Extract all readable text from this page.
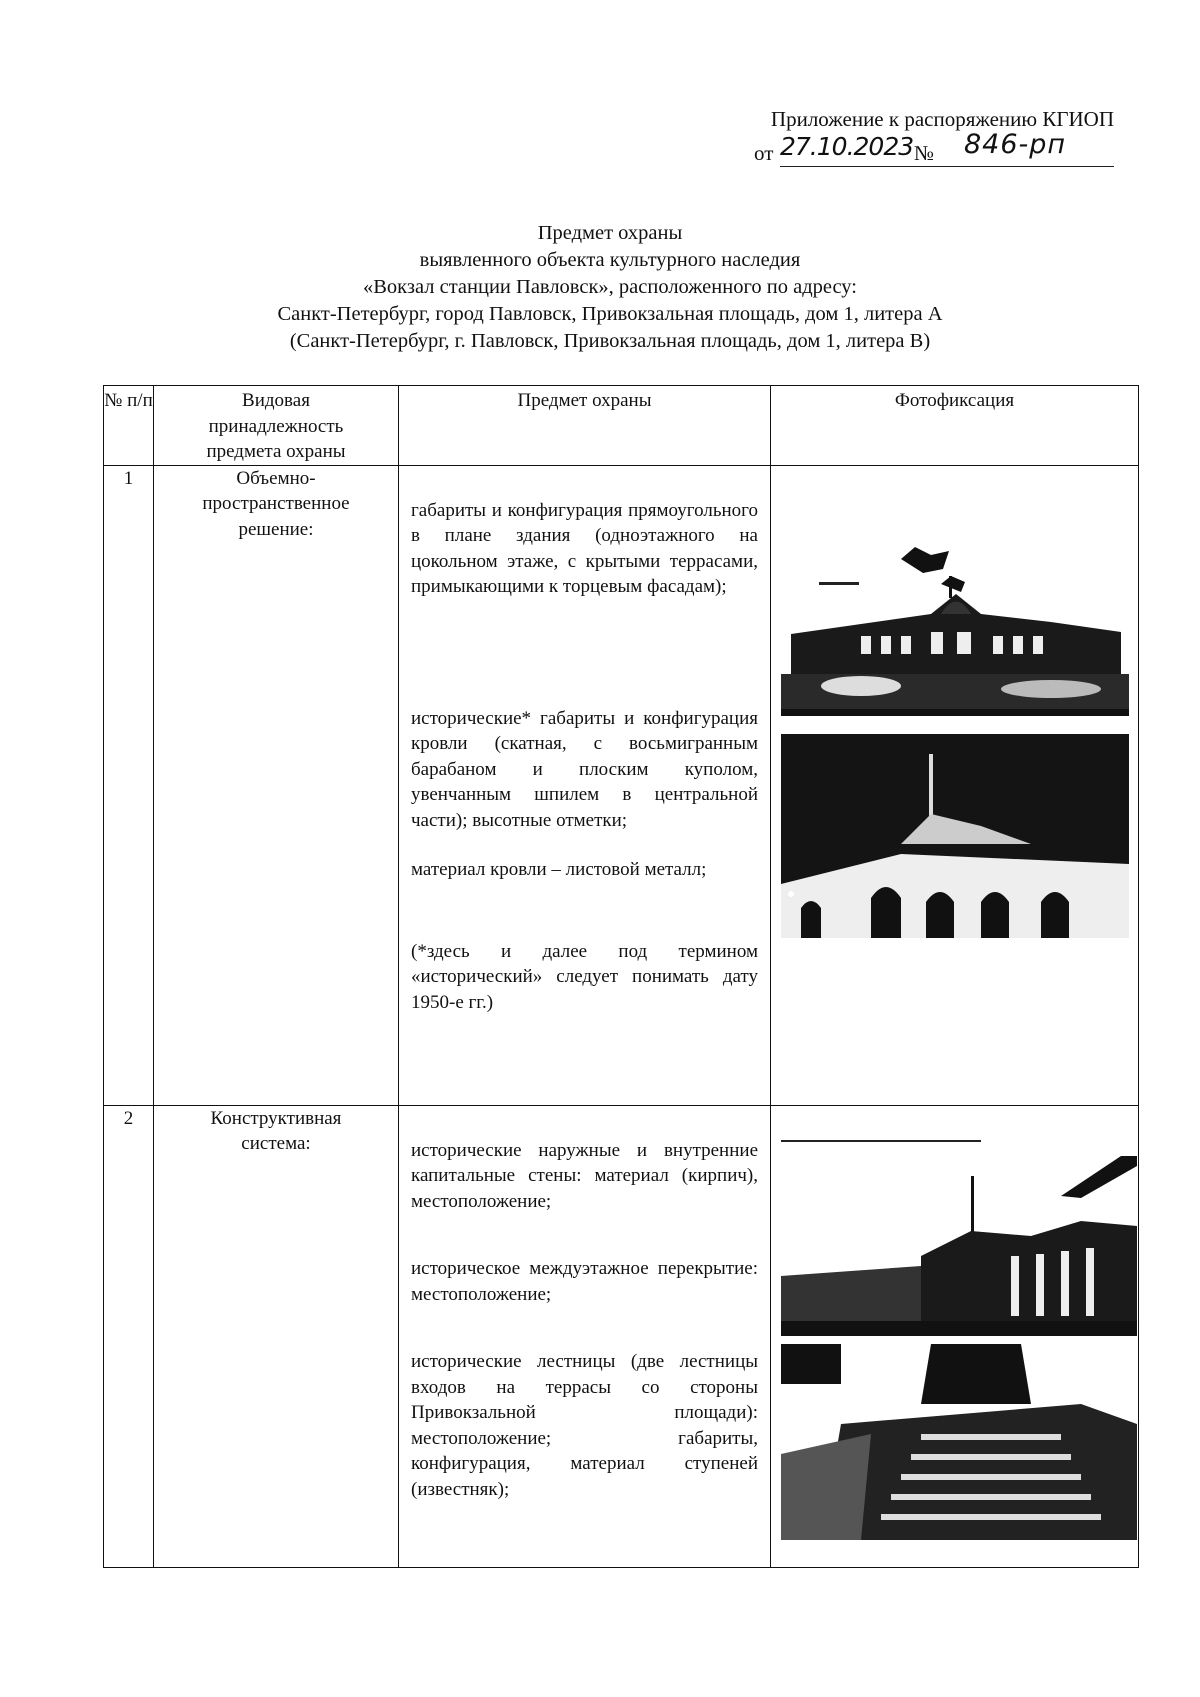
Приложение к распоряжению КГИОП
от 27.10.2023 № 846-рп
Предмет охраны
выявленного объекта культурного наследия
«Вокзал станции Павловск», расположенного по адресу:
Санкт-Петербург, город Павловск, Привокзальная площадь, дом 1, литера А
(Санкт-Петербург, г. Павловск, Привокзальная площадь, дом 1, литера В)
№ п/п	Видовая принадлежность предмета охраны	Предмет охраны	Фотофиксация
1	Объемно-пространственное решение:	габариты и конфигурация прямоугольного в плане здания (одноэтажного на цокольном этаже, с крытыми террасами, примыкающими к торцевым фасадам);

исторические* габариты и конфигурация кровли (скатная, с восьмигранным барабаном и плоским куполом, увенчанным шпилем в центральной части); высотные отметки;

материал кровли – листовой металл;

(*здесь и далее под термином «исторический» следует понимать дату 1950-е гг.)

2	Конструктивная система:	исторические наружные и внутренние капитальные стены: материал (кирпич), местоположение;

историческое междуэтажное перекрытие: местоположение;

исторические лестницы (две лестницы входов на террасы со стороны Привокзальной площади): местоположение; габариты, конфигурация, материал ступеней (известняк);
